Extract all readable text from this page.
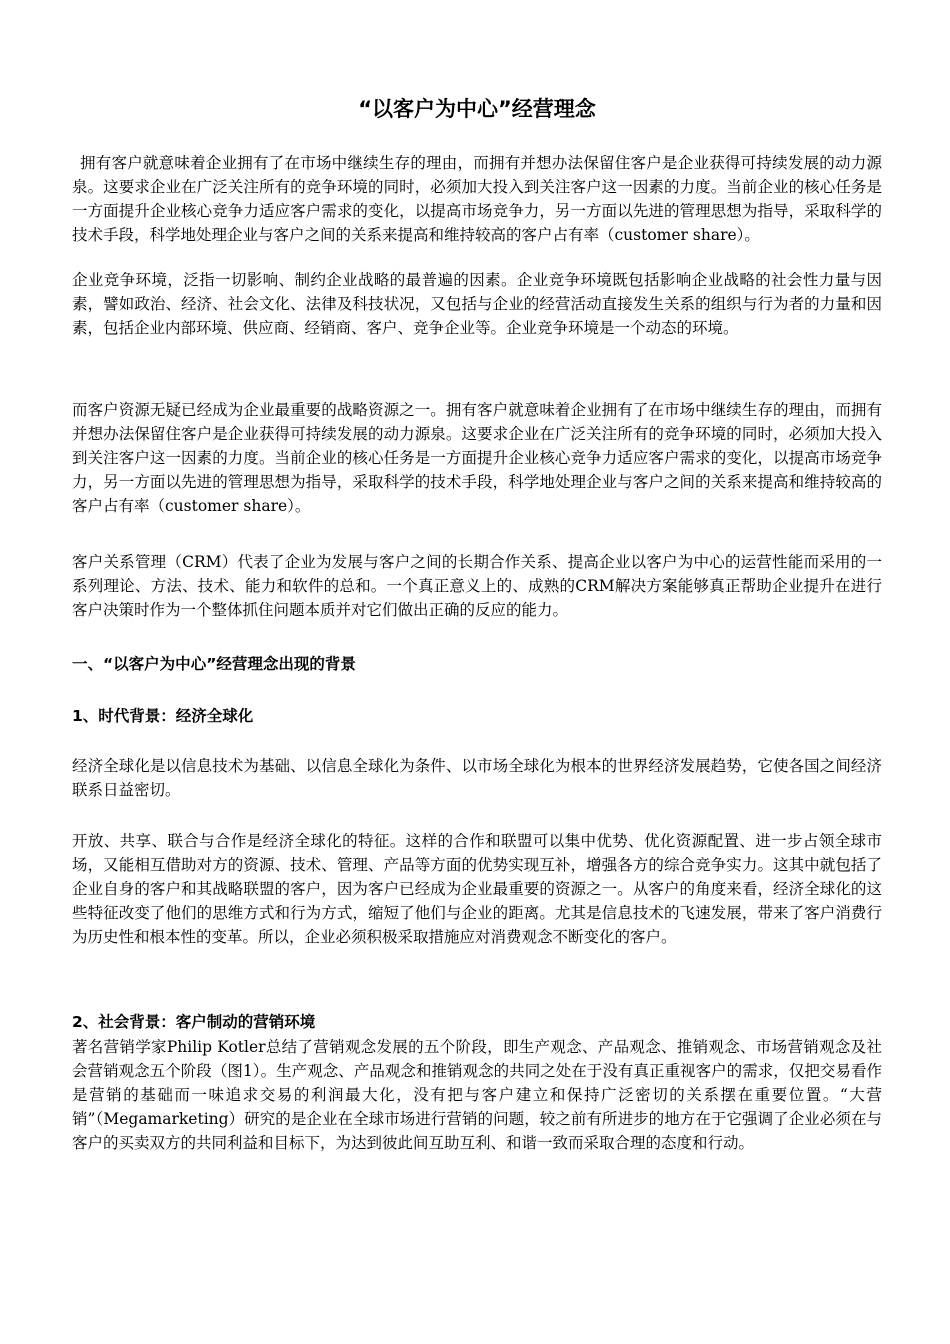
“以客户为中心”经营理念

拥有客户就意味着企业拥有了在市场中继续生存的理由，而拥有并想办法保留住客户是企业获得可持续发展的动力源泉。这要求企业在广泛关注所有的竞争环境的同时，必须加大投入到关注客户这一因素的力度。当前企业的核心任务是一方面提升企业核心竞争力适应客户需求的变化，以提高市场竞争力，另一方面以先进的管理思想为指导，采取科学的技术手段，科学地处理企业与客户之间的关系来提高和维持较高的客户占有率（customer share）。

企业竞争环境，泛指一切影响、制约企业战略的最普遍的因素。企业竞争环境既包括影响企业战略的社会性力量与因素，譬如政治、经济、社会文化、法律及科技状况，又包括与企业的经营活动直接发生关系的组织与行为者的力量和因素，包括企业内部环境、供应商、经销商、客户、竞争企业等。企业竞争环境是一个动态的环境。

而客户资源无疑已经成为企业最重要的战略资源之一。拥有客户就意味着企业拥有了在市场中继续生存的理由，而拥有并想办法保留住客户是企业获得可持续发展的动力源泉。这要求企业在广泛关注所有的竞争环境的同时，必须加大投入到关注客户这一因素的力度。当前企业的核心任务是一方面提升企业核心竞争力适应客户需求的变化，以提高市场竞争力，另一方面以先进的管理思想为指导，采取科学的技术手段，科学地处理企业与客户之间的关系来提高和维持较高的客户占有率（customer share）。

客户关系管理（CRM）代表了企业为发展与客户之间的长期合作关系、提高企业以客户为中心的运营性能而采用的一系列理论、方法、技术、能力和软件的总和。一个真正意义上的、成熟的CRM解决方案能够真正帮助企业提升在进行客户决策时作为一个整体抓住问题本质并对它们做出正确的反应的能力。

一、“以客户为中心”经营理念出现的背景

1、时代背景：经济全球化

经济全球化是以信息技术为基础、以信息全球化为条件、以市场全球化为根本的世界经济发展趋势，它使各国之间经济联系日益密切。

开放、共享、联合与合作是经济全球化的特征。这样的合作和联盟可以集中优势、优化资源配置、进一步占领全球市场，又能相互借助对方的资源、技术、管理、产品等方面的优势实现互补，增强各方的综合竞争实力。这其中就包括了企业自身的客户和其战略联盟的客户，因为客户已经成为企业最重要的资源之一。从客户的角度来看，经济全球化的这些特征改变了他们的思维方式和行为方式，缩短了他们与企业的距离。尤其是信息技术的飞速发展，带来了客户消费行为历史性和根本性的变革。所以，企业必须积极采取措施应对消费观念不断变化的客户。

2、社会背景：客户制动的营销环境

著名营销学家Philip Kotler总结了营销观念发展的五个阶段，即生产观念、产品观念、推销观念、市场营销观念及社会营销观念五个阶段（图1）。生产观念、产品观念和推销观念的共同之处在于没有真正重视客户的需求，仅把交易看作是营销的基础而一味追求交易的利润最大化，没有把与客户建立和保持广泛密切的关系摆在重要位置。“大营销”（Megamarketing）研究的是企业在全球市场进行营销的问题，较之前有所进步的地方在于它强调了企业必须在与客户的买卖双方的共同利益和目标下，为达到彼此间互助互利、和谐一致而采取合理的态度和行动。
